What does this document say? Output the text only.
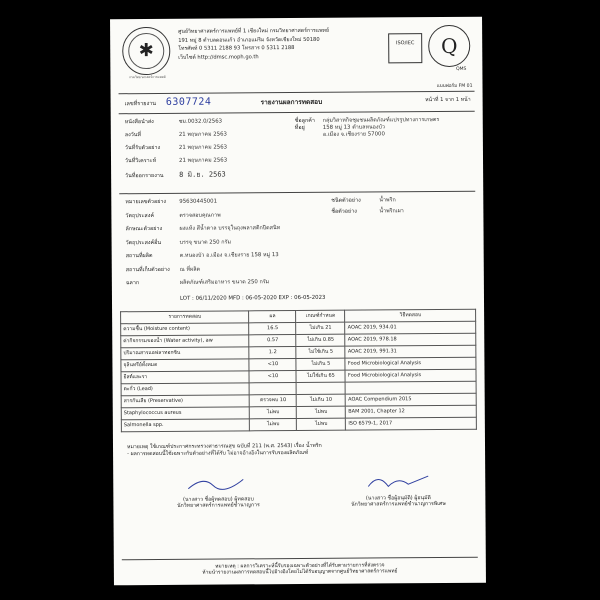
✱
กรมวิทยาศาสตร์การแพทย์
ศูนย์วิทยาศาสตร์การแพทย์ที่ 1 เชียงใหม่ กรมวิทยาศาสตร์การแพทย์
191 หมู่ 8 ตำบลดอนแก้ว อำเภอแม่ริม จังหวัดเชียงใหม่ 50180
โทรศัพท์ 0 5311 2188 93 โทรสาร 0 5311 2188
เว็บไซต์ http://dmsc.moph.go.th
ISO/IEC	Q
QMS
แบบฟอร์ม FM 01
เลขที่รายงาน 6307724	รายงานผลการทดสอบ	หน้าที่ 1 จาก 1 หน้า
หนังสือนำส่ง	ชม.0032.0/2563
ลงวันที่	21 พฤษภาคม 2563
วันที่รับตัวอย่าง	21 พฤษภาคม 2563
วันที่วิเคราะห์	21 พฤษภาคม 2563
วันที่ออกรายงาน 8 มิ.ย. 2563
ชื่อลูกค้า กลุ่มวิสาหกิจชุมชนผลิตภัณฑ์แปรรูปทางการเกษตร
ที่อยู่	158 หมู่ 13 ตำบลหนองบัว
อ.เมือง จ.เชียงราย 57000
หมายเลขตัวอย่าง 95630445001
วัตถุประสงค์	ตรวจสอบคุณภาพ
ลักษณะตัวอย่าง	ผงแห้ง สีน้ำตาล บรรจุในถุงพลาสติกปิดสนิท
วัตถุประสงค์อื่น	บรรจุ ขนาด 250 กรัม
สถานที่ผลิต	ต.หนองบัว อ.เมือง จ.เชียงราย 158 หมู่ 13
สถานที่เก็บตัวอย่าง ณ ที่ผลิต
ฉลาก	ผลิตภัณฑ์เสริมอาหาร ขนาด 250 กรัม
ชนิดตัวอย่าง	น้ำพริก
ชื่อตัวอย่าง	น้ำพริกเผา
LOT : 06/11/2020 MFD : 06-05-2020 EXP : 06-05-2023
รายการทดสอบ	ผล	เกณฑ์กำหนด	วิธีทดสอบ
ความชื้น (Moisture content)	16.5	ไม่เกิน 21	AOAC 2019, 934.01
ค่ากิจกรรมของน้ำ (Water activity), aw	0.57	ไม่เกิน 0.85	AOAC 2019, 978.18
ปริมาณสารแอฟลาทอกซิน	1.2	ไม่ใช้เกิน 5	AOAC 2019, 991.31
จุลินทรีย์ทั้งหมด	<10	ไม่เกิน 5	Food Microbiological Analysis
ยีสต์และรา	<10	ไม่ใช้เกิน 65	Food Microbiological Analysis
ตะกั่ว (Lead)			
สารกันเสีย (Preservative)	ตรวจพบ 10	ไม่เกิน 10	AOAC Compendium 2015
Staphylococcus aureus	ไม่พบ	ไม่พบ	BAM 2001, Chapter 12
Salmonella spp.	ไม่พบ	ไม่พบ	ISO 6579-1, 2017
หมายเหตุ ใช้เกณฑ์ประกาศกระทรวงสาธารณสุข ฉบับที่ 211 (พ.ศ. 2543) เรื่อง น้ำพริก
- ผลการทดสอบนี้ใช้เฉพาะกับตัวอย่างที่ได้รับ ไม่อาจอ้างอิงในการรับรองผลิตภัณฑ์
(นางสาว ชื่อผู้ทดสอบ) ผู้ทดสอบ
นักวิทยาศาสตร์การแพทย์ชำนาญการ
(นางสาว ชื่อผู้อนุมัติ) ผู้อนุมัติ
นักวิทยาศาสตร์การแพทย์ชำนาญการพิเศษ
หมายเหตุ : ผลการวิเคราะห์นี้รับรองเฉพาะตัวอย่างที่ได้รับตามรายการที่ส่งตรวจ
ห้ามนำรายงานผลการทดสอบนี้ไปอ้างอิงโดยไม่ได้รับอนุญาตจากศูนย์วิทยาศาสตร์การแพทย์
